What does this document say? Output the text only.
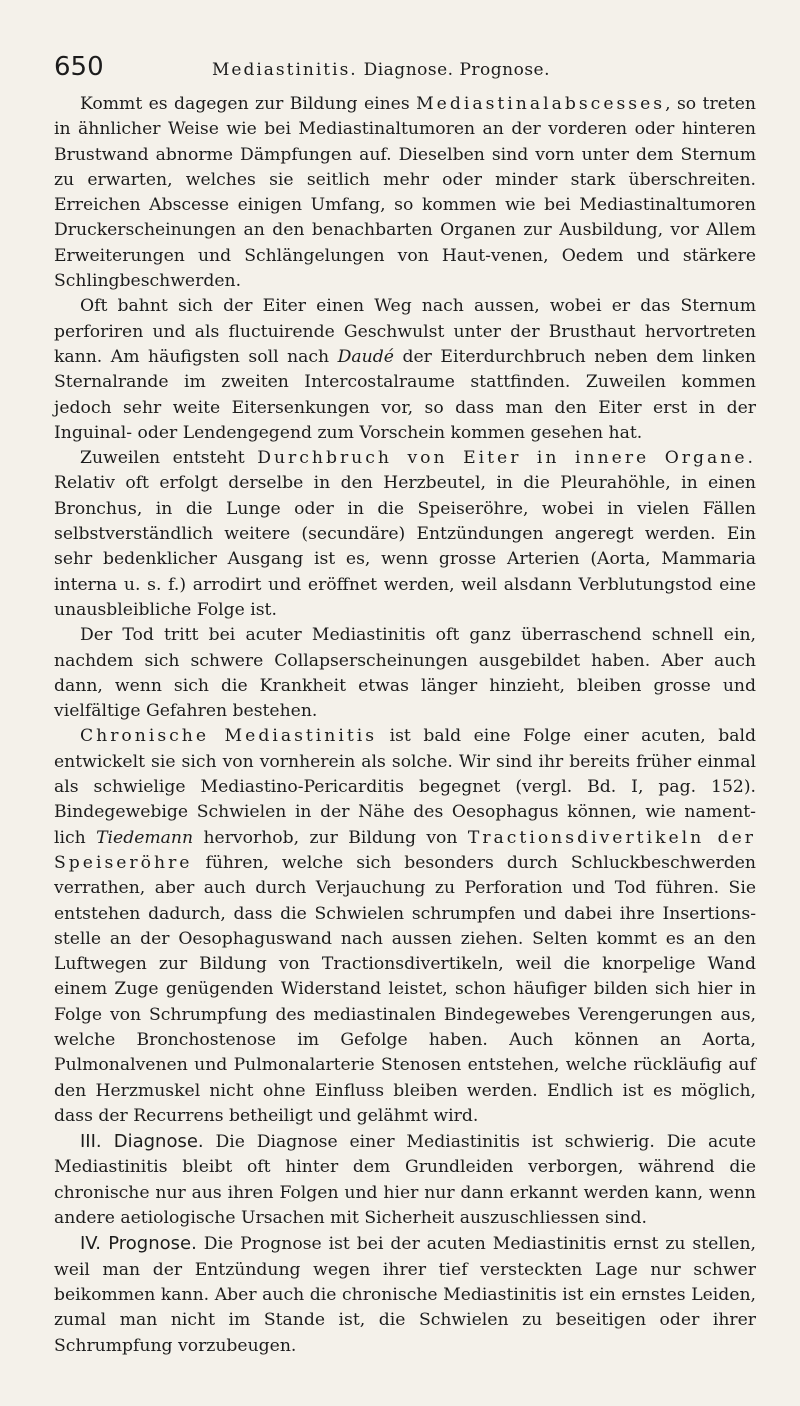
650	Mediastinitis. Diagnose. Prognose.

Kommt es dagegen zur Bildung eines Mediastinalabscesses, so treten in ähnlicher Weise wie bei Mediastinaltumoren an der vorderen oder hinteren Brustwand abnorme Dämpfungen auf. Dieselben sind vorn unter dem Sternum zu erwarten, welches sie seitlich mehr oder minder stark überschreiten. Erreichen Abscesse einigen Umfang, so kommen wie bei Mediastinaltumoren Druckerscheinungen an den benachbarten Organen zur Ausbildung, vor Allem Erweiterungen und Schlängelungen von Haut-venen, Oedem und stärkere Schlingbeschwerden.

Oft bahnt sich der Eiter einen Weg nach aussen, wobei er das Sternum perforiren und als fluctuirende Geschwulst unter der Brusthaut hervortreten kann. Am häufigsten soll nach Daudé der Eiterdurchbruch neben dem linken Sternalrande im zweiten Intercostalraume stattfinden. Zuweilen kommen jedoch sehr weite Eitersenkungen vor, so dass man den Eiter erst in der Inguinal- oder Lendengegend zum Vorschein kommen gesehen hat.

Zuweilen entsteht Durchbruch von Eiter in innere Organe. Relativ oft erfolgt derselbe in den Herzbeutel, in die Pleurahöhle, in einen Bronchus, in die Lunge oder in die Speiseröhre, wobei in vielen Fällen selbstverständlich weitere (secundäre) Entzündungen angeregt werden. Ein sehr bedenklicher Ausgang ist es, wenn grosse Arterien (Aorta, Mammaria interna u. s. f.) arrodirt und eröffnet werden, weil alsdann Verblutungstod eine unausbleibliche Folge ist.

Der Tod tritt bei acuter Mediastinitis oft ganz überraschend schnell ein, nachdem sich schwere Collapserscheinungen ausgebildet haben. Aber auch dann, wenn sich die Krankheit etwas länger hinzieht, bleiben grosse und vielfältige Gefahren bestehen.

Chronische Mediastinitis ist bald eine Folge einer acuten, bald entwickelt sie sich von vornherein als solche. Wir sind ihr bereits früher einmal als schwielige Mediastino-Pericarditis begegnet (vergl. Bd. I, pag. 152). Bindegewebige Schwielen in der Nähe des Oesophagus können, wie nament-lich Tiedemann hervorhob, zur Bildung von Tractionsdivertikeln der Speiseröhre führen, welche sich besonders durch Schluckbeschwerden verrathen, aber auch durch Verjauchung zu Perforation und Tod führen. Sie entstehen dadurch, dass die Schwielen schrumpfen und dabei ihre Insertions-stelle an der Oesophaguswand nach aussen ziehen. Selten kommt es an den Luftwegen zur Bildung von Tractionsdivertikeln, weil die knorpelige Wand einem Zuge genügenden Widerstand leistet, schon häufiger bilden sich hier in Folge von Schrumpfung des mediastinalen Bindegewebes Verengerungen aus, welche Bronchostenose im Gefolge haben. Auch können an Aorta, Pulmonalvenen und Pulmonalarterie Stenosen entstehen, welche rückläufig auf den Herzmuskel nicht ohne Einfluss bleiben werden. Endlich ist es möglich, dass der Recurrens betheiligt und gelähmt wird.

III. Diagnose. Die Diagnose einer Mediastinitis ist schwierig. Die acute Mediastinitis bleibt oft hinter dem Grundleiden verborgen, während die chronische nur aus ihren Folgen und hier nur dann erkannt werden kann, wenn andere aetiologische Ursachen mit Sicherheit auszuschliessen sind.

IV. Prognose. Die Prognose ist bei der acuten Mediastinitis ernst zu stellen, weil man der Entzündung wegen ihrer tief versteckten Lage nur schwer beikommen kann. Aber auch die chronische Mediastinitis ist ein ernstes Leiden, zumal man nicht im Stande ist, die Schwielen zu beseitigen oder ihrer Schrumpfung vorzubeugen.
